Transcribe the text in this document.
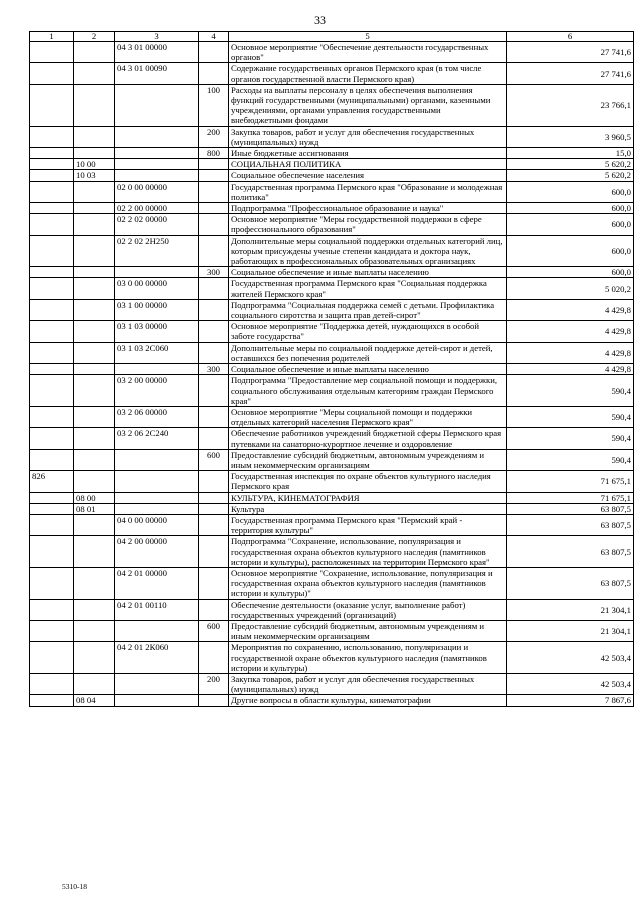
33
1	2	3	4	5	6
		04 3 01 00000		Основное мероприятие "Обеспечение деятельности государственных органов"	27 741,6
		04 3 01 00090		Содержание государственных органов Пермского края (в том числе органов государственной власти Пермского края)	27 741,6
			100	Расходы на выплаты персоналу в целях обеспечения выполнения функций государственными (муниципальными) органами, казенными учреждениями, органами управления государственными внебюджетными фондами	23 766,1
			200	Закупка товаров, работ и услуг для обеспечения государственных (муниципальных) нужд	3 960,5
			800	Иные бюджетные ассигнования	15,0
	10 00			СОЦИАЛЬНАЯ ПОЛИТИКА	5 620,2
	10 03			Социальное обеспечение населения	5 620,2
		02 0 00 00000		Государственная программа Пермского края "Образование и молодежная политика"	600,0
		02 2 00 00000		Подпрограмма "Профессиональное образование и наука"	600,0
		02 2 02 00000		Основное мероприятие "Меры государственной поддержки в сфере профессионального образования"	600,0
		02 2 02 2Н250		Дополнительные меры социальной поддержки отдельных категорий лиц, которым присуждены ученые степени кандидата и доктора наук, работающих в профессиональных образовательных организациях	600,0
			300	Социальное обеспечение и иные выплаты населению	600,0
		03 0 00 00000		Государственная программа Пермского края "Социальная поддержка жителей Пермского края"	5 020,2
		03 1 00 00000		Подпрограмма "Социальная поддержка семей с детьми. Профилактика социального сиротства и защита прав детей-сирот"	4 429,8
		03 1 03 00000		Основное мероприятие "Поддержка детей, нуждающихся в особой заботе государства"	4 429,8
		03 1 03 2С060		Дополнительные меры по социальной поддержке детей-сирот и детей, оставшихся без попечения родителей	4 429,8
			300	Социальное обеспечение и иные выплаты населению	4 429,8
		03 2 00 00000		Подпрограмма "Предоставление мер социальной помощи и поддержки, социального обслуживания отдельным категориям граждан Пермского края"	590,4
		03 2 06 00000		Основное мероприятие "Меры социальной помощи и поддержки отдельных категорий населения Пермского края"	590,4
		03 2 06 2С240		Обеспечение работников учреждений бюджетной сферы Пермского края путевками на санаторно-курортное лечение и оздоровление	590,4
			600	Предоставление субсидий бюджетным, автономным учреждениям и иным некоммерческим организациям	590,4
826				Государственная инспекция по охране объектов культурного наследия Пермского края	71 675,1
	08 00			КУЛЬТУРА, КИНЕМАТОГРАФИЯ	71 675,1
	08 01			Культура	63 807,5
		04 0 00 00000		Государственная программа Пермского края "Пермский край - территория культуры"	63 807,5
		04 2 00 00000		Подпрограмма "Сохранение, использование, популяризация и государственная охрана объектов культурного наследия (памятников истории и культуры), расположенных на территории Пермского края"	63 807,5
		04 2 01 00000		Основное мероприятие "Сохранение, использование, популяризация и государственная охрана объектов культурного наследия (памятников истории и культуры)"	63 807,5
		04 2 01 00110		Обеспечение деятельности (оказание услуг, выполнение работ) государственных учреждений (организаций)	21 304,1
			600	Предоставление субсидий бюджетным, автономным учреждениям и иным некоммерческим организациям	21 304,1
		04 2 01 2К060		Мероприятия по сохранению, использованию, популяризации и государственной охране объектов культурного наследия (памятников истории и культуры)	42 503,4
			200	Закупка товаров, работ и услуг для обеспечения государственных (муниципальных) нужд	42 503,4
	08 04			Другие вопросы в области культуры, кинематографии	7 867,6
5310-18
